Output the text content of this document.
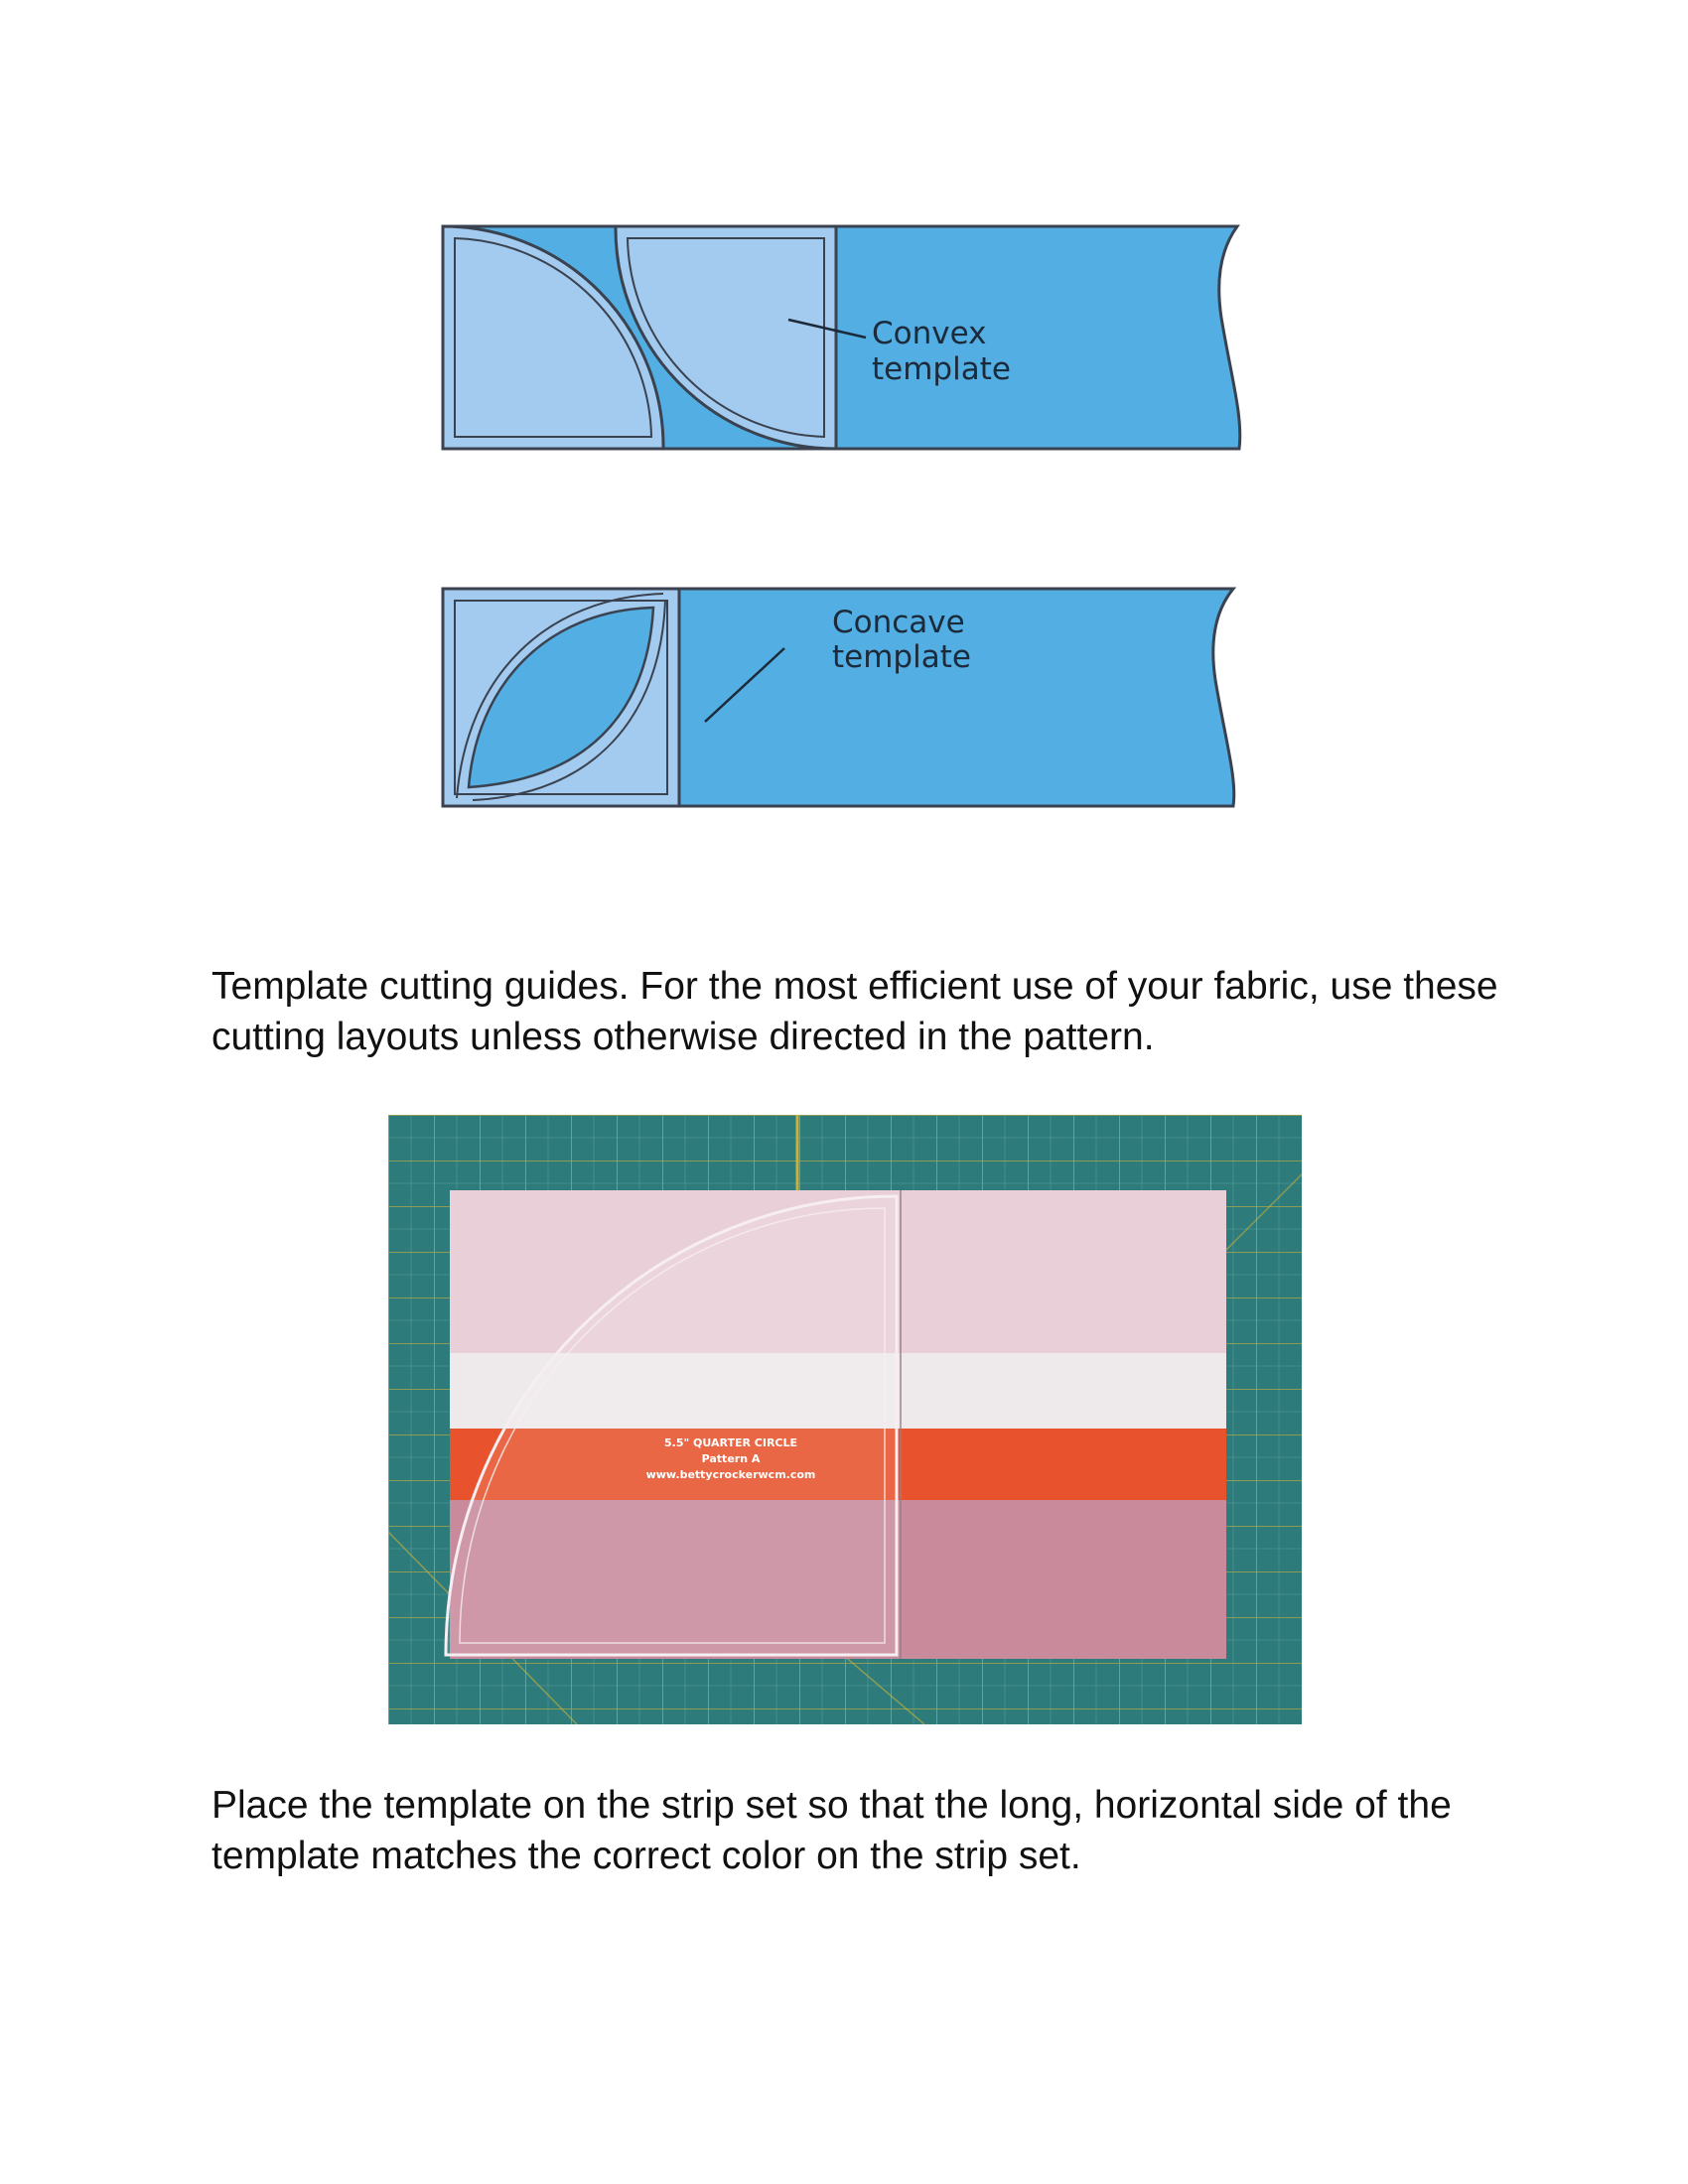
Convex
template
Concave
template
Template cutting guides. For the most efficient use of your fabric, use these cutting layouts unless otherwise directed in the pattern.
5.5" QUARTER CIRCLE
Pattern A
www.bettycrockerwcm.com
Place the template on the strip set so that the long, horizontal side of the template matches the correct color on the strip set.
